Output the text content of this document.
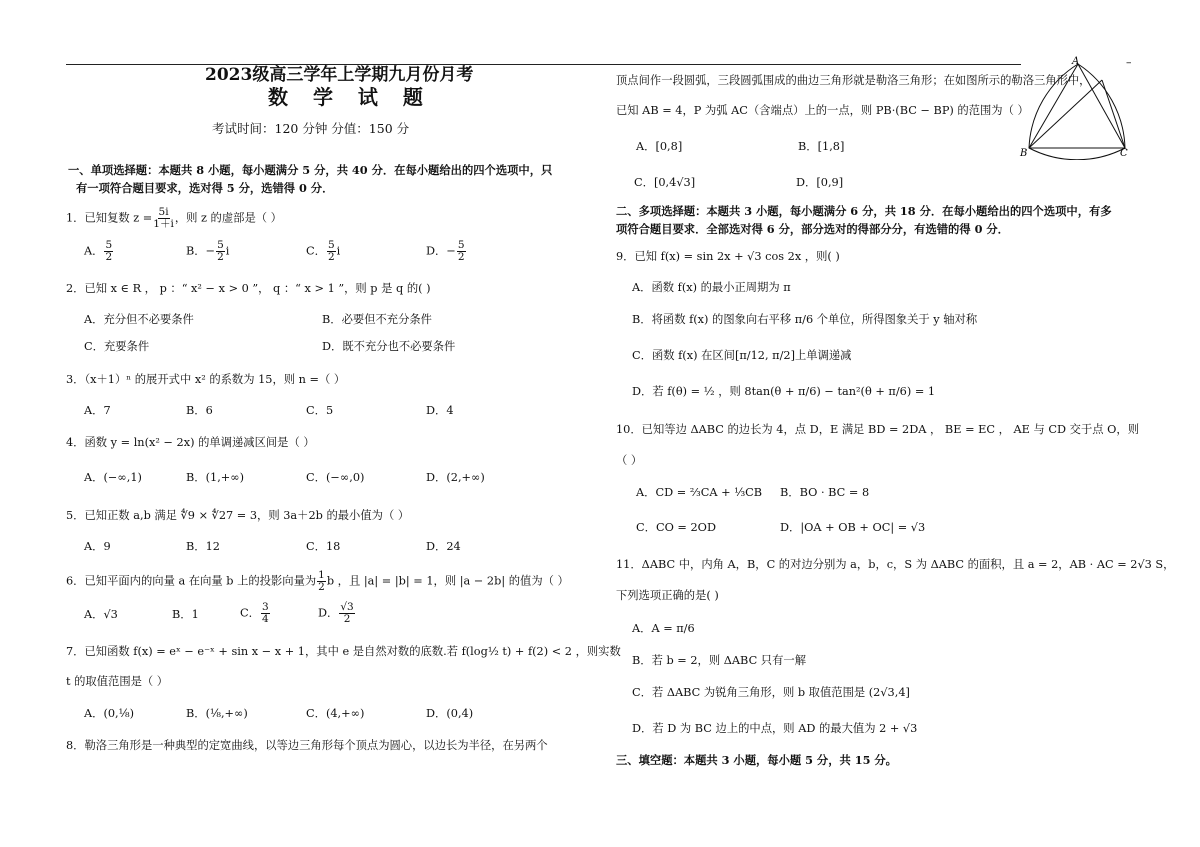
–
2023级高三学年上学期九月份月考
数 学 试 题
考试时间：120 分钟 分值：150 分
一、单项选择题：本题共 8 小题，每小题满分 5 分，共 40 分．在每小题给出的四个选项中，只
有一项符合题目要求，选对得 5 分，选错得 0 分．
1．已知复数 $z = \frac{5i}{1+i}$ ，则 z 的虚部是（ ）
A． $\frac{5}{2}$	B．− $\frac{5}{2}$ i	C． $\frac{5}{2}$ i	D．− $\frac{5}{2}$
2．已知 x ∈ R ， p ：“ x² − x > 0 ”， q ：“ x > 1 ”，则 p 是 q 的( )
A．充分但不必要条件	B．必要但不充分条件
C．充要条件	D．既不充分也不必要条件
3．（x＋1）ⁿ 的展开式中 x² 的系数为 15，则 n =（ ）
A．7	B．6	C．5	D．4
4．函数 y = ln(x² − 2x) 的单调递减区间是（ ）
A．(−∞,1)	B．(1,+∞)	C．(−∞,0)	D．(2,+∞)
5．已知正数 a,b 满足 ∜9 × ∜27 = 3，则 3a＋2b 的最小值为（ ）
A．9	B．12	C．18	D．24
6．已知平面内的向量 a 在向量 b 上的投影向量为 $\frac{1}{2}$ b ，且 |a| = |b| = 1，则 |a − 2b| 的值为（ ）
A．√3	B．1	C． $\frac{3}{4}$	D． $\frac{√3}{2}$
7．已知函数 f(x) = eˣ − e⁻ˣ + sin x − x + 1，其中 e 是自然对数的底数.若 f(log½ t) + f(2) < 2 ，则实数
t 的取值范围是（ ）
A．(0,⅛)	B．(⅛,+∞)	C．(4,+∞)	D．(0,4)
8．勒洛三角形是一种典型的定宽曲线，以等边三角形每个顶点为圆心，以边长为半径，在另两个
顶点间作一段圆弧，三段圆弧围成的曲边三角形就是勒洛三角形；在如图所示的勒洛三角形中，
已知 AB = 4，P 为弧 AC（含端点）上的一点，则 PB·(BC − BP) 的范围为（ ）
A．[0,8]	B．[1,8]
C．[0,4√3]	D．[0,9]
二、多项选择题：本题共 3 小题，每小题满分 6 分，共 18 分．在每小题给出的四个选项中，有多
项符合题目要求．全部选对得 6 分，部分选对的得部分分，有选错的得 0 分．
9．已知 f(x) = sin 2x + √3 cos 2x ，则( )
A．函数 f(x) 的最小正周期为 π
B．将函数 f(x) 的图象向右平移 π/6 个单位，所得图象关于 y 轴对称
C．函数 f(x) 在区间[π/12, π/2]上单调递减
D．若 f(θ) = ½ ，则 8tan(θ + π/6) − tan²(θ + π/6) = 1
10．已知等边 ΔABC 的边长为 4，点 D，E 满足 BD = 2DA ， BE = EC ， AE 与 CD 交于点 O，则
（ ）
A．CD = ⅔CA + ⅓CB B．BO · BC = 8
C．CO = 2OD	D．|OA + OB + OC| = √3
11．ΔABC 中，内角 A，B，C 的对边分别为 a，b，c，S 为 ΔABC 的面积，且 a = 2，AB · AC = 2√3 S，
下列选项正确的是( )
A．A = π/6
B．若 b = 2，则 ΔABC 只有一解
C．若 ΔABC 为锐角三角形，则 b 取值范围是 (2√3,4]
D．若 D 为 BC 边上的中点，则 AD 的最大值为 2 + √3
三、填空题：本题共 3 小题，每小题 5 分，共 15 分。
A
B	C
